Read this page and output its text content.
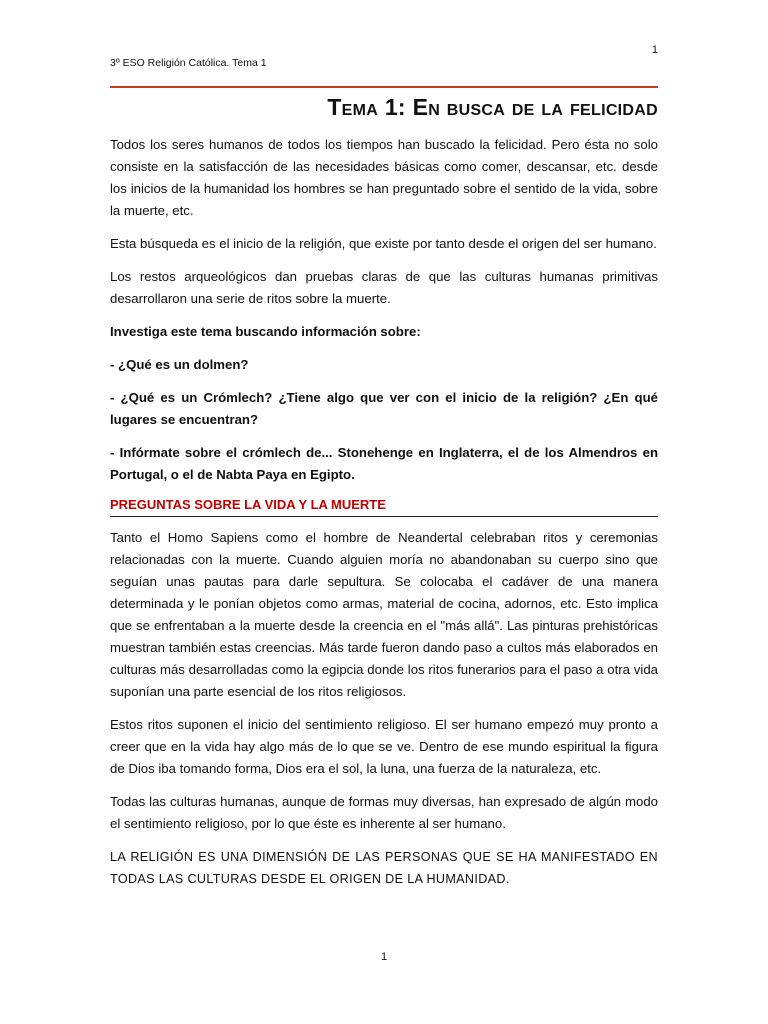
1
3º ESO Religión Católica. Tema 1
Tema 1: En busca de la felicidad

Todos los seres humanos de todos los tiempos han buscado la felicidad. Pero ésta no solo consiste en la satisfacción de las necesidades básicas como comer, descansar, etc. desde los inicios de la humanidad los hombres se han preguntado sobre el sentido de la vida, sobre la muerte, etc.

Esta búsqueda es el inicio de la religión, que existe por tanto desde el origen del ser humano.

Los restos arqueológicos dan pruebas claras de que las culturas humanas primitivas desarrollaron una serie de ritos sobre la muerte.

Investiga este tema buscando información sobre:

- ¿Qué es un dolmen?

- ¿Qué es un Crómlech? ¿Tiene algo que ver con el inicio de la religión? ¿En qué lugares se encuentran?

- Infórmate sobre el crómlech de... Stonehenge en Inglaterra, el de los Almendros en Portugal, o el de Nabta Paya en Egipto.

PREGUNTAS SOBRE LA VIDA Y LA MUERTE

Tanto el Homo Sapiens como el hombre de Neandertal celebraban ritos y ceremonias relacionadas con la muerte. Cuando alguien moría no abandonaban su cuerpo sino que seguían unas pautas para darle sepultura. Se colocaba el cadáver de una manera determinada y le ponían objetos como armas, material de cocina, adornos, etc. Esto implica que se enfrentaban a la muerte desde la creencia en el "más allá". Las pinturas prehistóricas muestran también estas creencias. Más tarde fueron dando paso a cultos más elaborados en culturas más desarrolladas como la egipcia donde los ritos funerarios para el paso a otra vida suponían una parte esencial de los ritos religiosos.

Estos ritos suponen el inicio del sentimiento religioso. El ser humano empezó muy pronto a creer que en la vida hay algo más de lo que se ve. Dentro de ese mundo espiritual la figura de Dios iba tomando forma, Dios era el sol, la luna, una fuerza de la naturaleza, etc.

Todas las culturas humanas, aunque de formas muy diversas, han expresado de algún modo el sentimiento religioso, por lo que éste es inherente al ser humano.

LA RELIGIÓN ES UNA DIMENSIÓN DE LAS PERSONAS QUE SE HA MANIFESTADO EN TODAS LAS CULTURAS DESDE EL ORIGEN DE LA HUMANIDAD.

1
